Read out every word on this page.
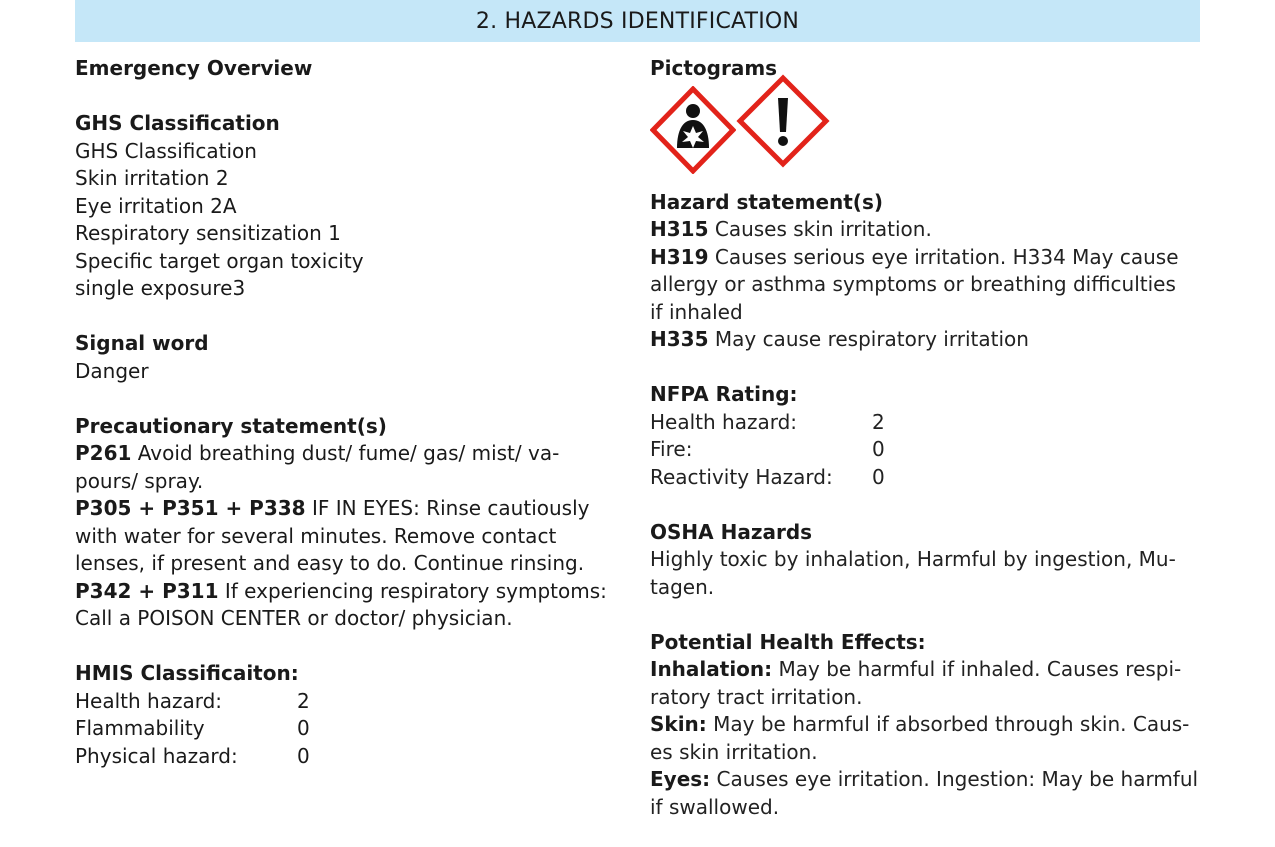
2. HAZARDS IDENTIFICATION
Emergency Overview
GHS Classification
GHS Classification
Skin irritation 2
Eye irritation 2A
Respiratory sensitization 1
Specific target organ toxicity
single exposure3
Signal word
Danger
Precautionary statement(s)
P261 Avoid breathing dust/ fume/ gas/ mist/ va-
pours/ spray.
P305 + P351 + P338 IF IN EYES: Rinse cautiously
with water for several minutes. Remove contact
lenses, if present and easy to do. Continue rinsing.
P342 + P311 If experiencing respiratory symptoms:
Call a POISON CENTER or doctor/ physician.
HMIS Classificaiton:
Health hazard:	2
Flammability	0
Physical hazard:	0
Pictograms
Hazard statement(s)
H315 Causes skin irritation.
H319 Causes serious eye irritation. H334 May cause
allergy or asthma symptoms or breathing difficulties
if inhaled
H335 May cause respiratory irritation
NFPA Rating:
Health hazard:	2
Fire:	0
Reactivity Hazard:	0
OSHA Hazards
Highly toxic by inhalation, Harmful by ingestion, Mu-
tagen.
Potential Health Effects:
Inhalation: May be harmful if inhaled. Causes respi-
ratory tract irritation.
Skin: May be harmful if absorbed through skin. Caus-
es skin irritation.
Eyes: Causes eye irritation. Ingestion: May be harmful
if swallowed.
